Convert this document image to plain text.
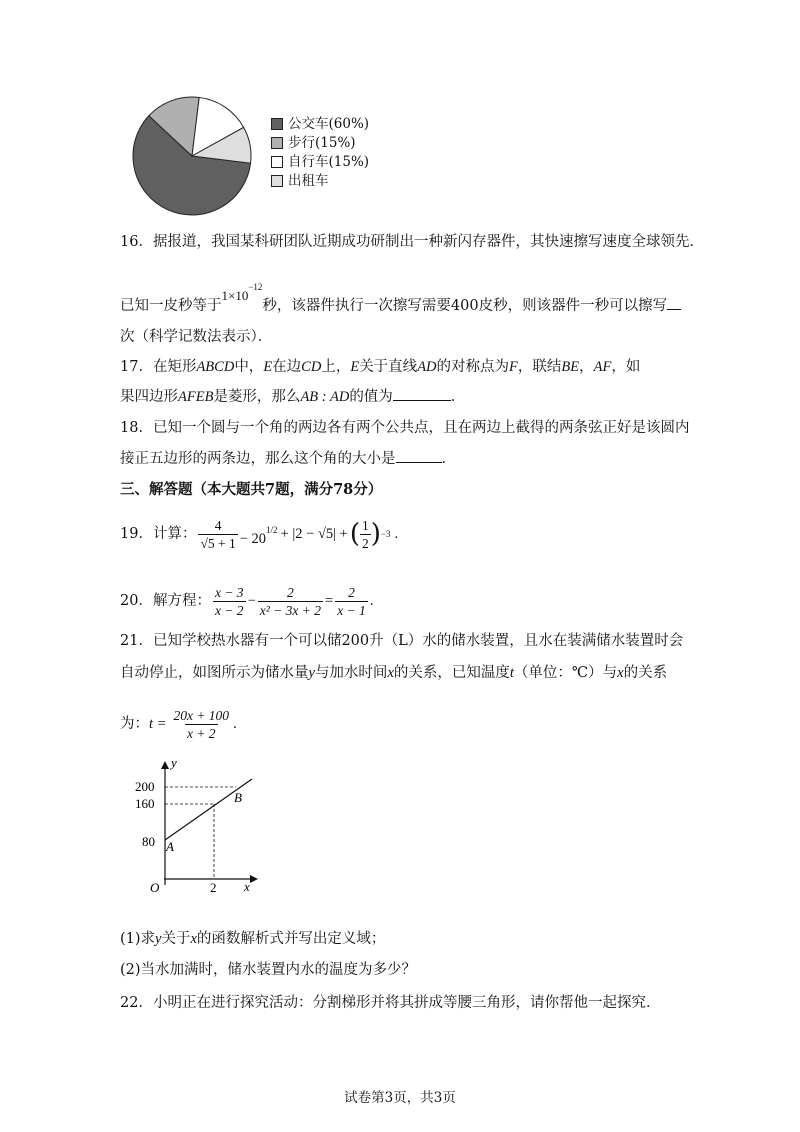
公交车(60%)
步行(15%)
自行车(15%)
出租车
16．据报道，我国某科研团队近期成功研制出一种新闪存器件，其快速擦写速度全球领先．
已知一皮秒等于$1\times 10^{-12}$秒，该器件执行一次擦写需要400皮秒，则该器件一秒可以擦写
次（科学记数法表示）．
17．在矩形ABCD中，E在边CD上，E关于直线AD的对称点为F，联结BE，AF，如
果四边形AFEB是菱形，那么AB : AD的值为	．
18．已知一个圆与一个角的两边各有两个公共点，且在两边上截得的两条弦正好是该圆内
接正五边形的两条边，那么这个角的大小是	．
三、解答题（本大题共7题，满分78分）
19．计算： $\frac{4}{√5 + 1} - 20^{1/2} + |2 - √5|$ + ( $\frac{1}{2}$ ) −3 .
20．解方程： $\frac{x - 3}{x - 2} - \frac{2}{\text{x² − 3x + 2}} = \frac{2}{x - 1}$ .
21．已知学校热水器有一个可以储200升（L）水的储水装置，且水在装满储水装置时会
自动停止，如图所示为储水量y与加水时间x的关系，已知温度t（单位：℃）与x的关系
为： $t = \frac{20x + 100}{x + 2}$ .
y
x
O
200
160
80
2
A
B
(1)求y关于x的函数解析式并写出定义域；
(2)当水加满时，储水装置内水的温度为多少？
22．小明正在进行探究活动：分割梯形并将其拼成等腰三角形，请你帮他一起探究．
试卷第3页，共3页
